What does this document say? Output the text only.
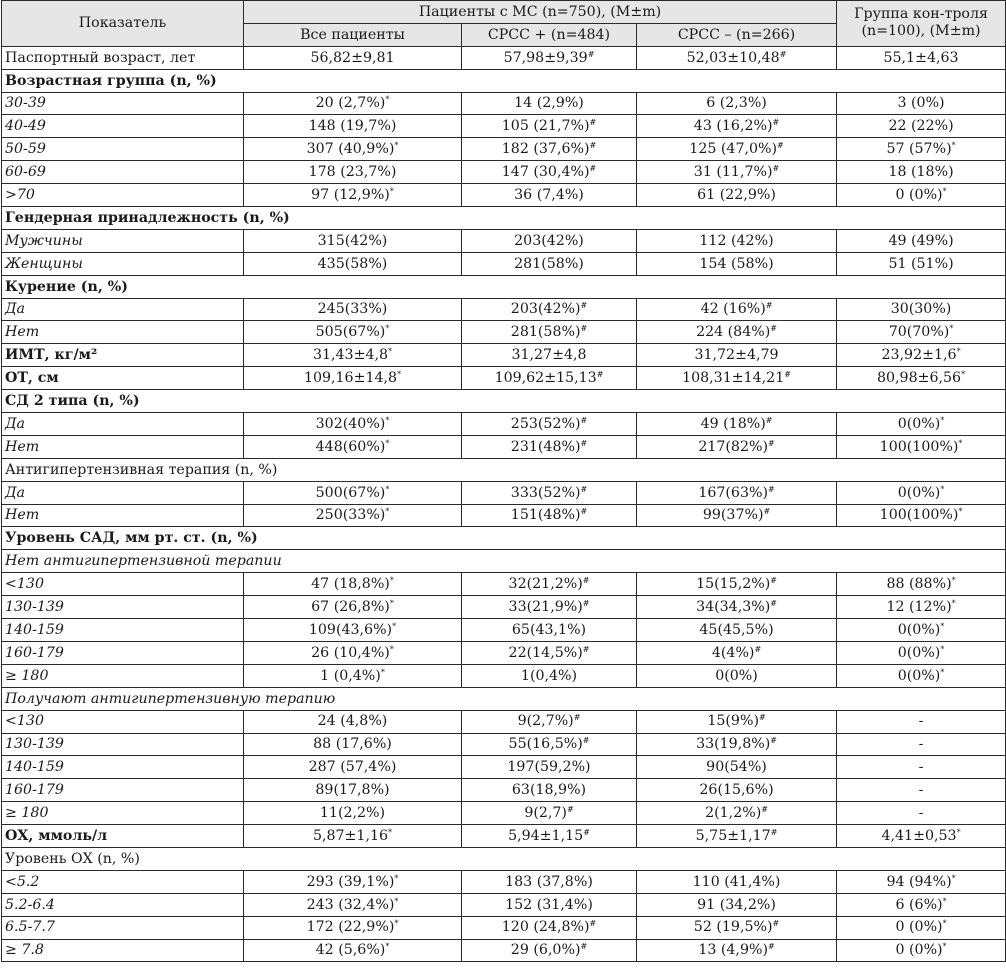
Показатель	Пациенты с МС (n=750), (M±m)			Группа кон-троля (n=100), (M±m)
	Все пациенты	СРСС + (n=484)	СРСС – (n=266)	
Паспортный возраст, лет	56,82±9,81	57,98±9,39#	52,03±10,48#	55,1±4,63
Возрастная группа (n, %)				
30-39	20 (2,7%)*	14 (2,9%)	6 (2,3%)	3 (0%)
40-49	148 (19,7%)	105 (21,7%)#	43 (16,2%)#	22 (22%)
50-59	307 (40,9%)*	182 (37,6%)#	125 (47,0%)#	57 (57%)*
60-69	178 (23,7%)	147 (30,4%)#	31 (11,7%)#	18 (18%)
>70	97 (12,9%)*	36 (7,4%)	61 (22,9%)	0 (0%)*
Гендерная принадлежность (n, %)				
Мужчины	315(42%)	203(42%)	112 (42%)	49 (49%)
Женщины	435(58%)	281(58%)	154 (58%)	51 (51%)
Курение (n, %)				
Да	245(33%)	203(42%)#	42 (16%)#	30(30%)
Нет	505(67%)*	281(58%)#	224 (84%)#	70(70%)*
ИМТ, кг/м²	31,43±4,8*	31,27±4,8	31,72±4,79	23,92±1,6*
ОТ, см	109,16±14,8*	109,62±15,13#	108,31±14,21#	80,98±6,56*
СД 2 типа (n, %)				
Да	302(40%)*	253(52%)#	49 (18%)#	0(0%)*
Нет	448(60%)*	231(48%)#	217(82%)#	100(100%)*
Антигипертензивная терапия (n, %)				
Да	500(67%)*	333(52%)#	167(63%)#	0(0%)*
Нет	250(33%)*	151(48%)#	99(37%)#	100(100%)*
Уровень САД, мм рт. ст. (n, %)				
Нет антигипертензивной терапии				
<130	47 (18,8%)*	32(21,2%)#	15(15,2%)#	88 (88%)*
130-139	67 (26,8%)*	33(21,9%)#	34(34,3%)#	12 (12%)*
140-159	109(43,6%)*	65(43,1%)	45(45,5%)	0(0%)*
160-179	26 (10,4%)*	22(14,5%)#	4(4%)#	0(0%)*
≥ 180	1 (0,4%)*	1(0,4%)	0(0%)	0(0%)*
Получают антигипертензивную терапию				
<130	24 (4,8%)	9(2,7%)#	15(9%)#	-
130-139	88 (17,6%)	55(16,5%)#	33(19,8%)#	-
140-159	287 (57,4%)	197(59,2%)	90(54%)	-
160-179	89(17,8%)	63(18,9%)	26(15,6%)	-
≥ 180	11(2,2%)	9(2,7)#	2(1,2%)#	-
ОХ, ммоль/л	5,87±1,16*	5,94±1,15#	5,75±1,17#	4,41±0,53*
Уровень ОХ (n, %)				
<5.2	293 (39,1%)*	183 (37,8%)	110 (41,4%)	94 (94%)*
5.2-6.4	243 (32,4%)*	152 (31,4%)	91 (34,2%)	6 (6%)*
6.5-7.7	172 (22,9%)*	120 (24,8%)#	52 (19,5%)#	0 (0%)*
≥ 7.8	42 (5,6%)*	29 (6,0%)#	13 (4,9%)#	0 (0%)*
